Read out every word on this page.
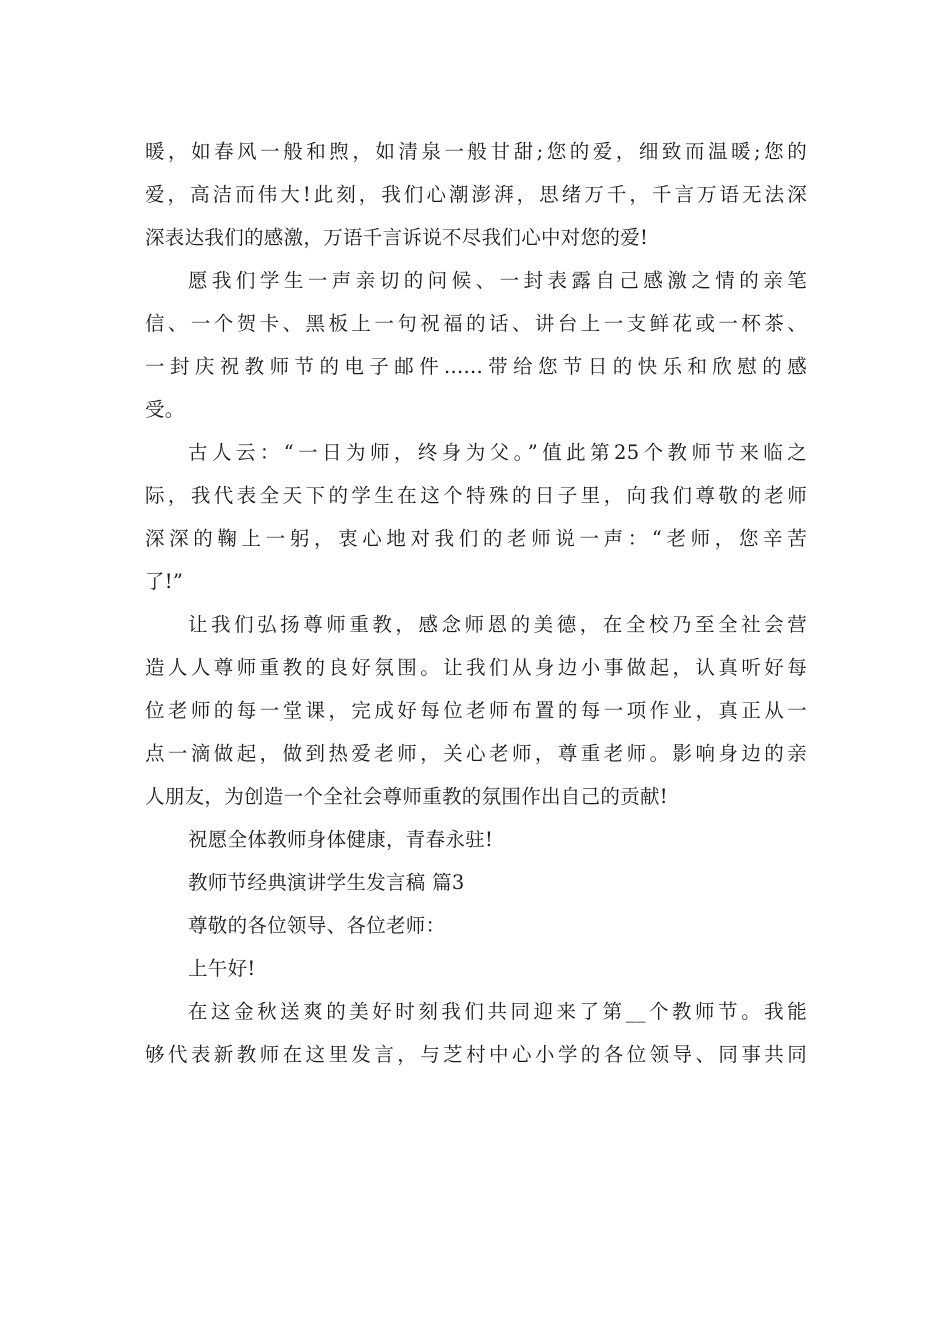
暖，如春风一般和煦，如清泉一般甘甜;您的爱，细致而温暖;您的
爱，高洁而伟大!此刻，我们心潮澎湃，思绪万千，千言万语无法深
深表达我们的感激，万语千言诉说不尽我们心中对您的爱!
愿我们学生一声亲切的问候、一封表露自己感激之情的亲笔
信、一个贺卡、黑板上一句祝福的话、讲台上一支鲜花或一杯茶、
一封庆祝教师节的电子邮件......带给您节日的快乐和欣慰的感
受。
古人云：“一日为师，终身为父。”值此第25个教师节来临之
际，我代表全天下的学生在这个特殊的日子里，向我们尊敬的老师
深深的鞠上一躬，衷心地对我们的老师说一声：“老师，您辛苦
了!”
让我们弘扬尊师重教，感念师恩的美德，在全校乃至全社会营
造人人尊师重教的良好氛围。让我们从身边小事做起，认真听好每
位老师的每一堂课，完成好每位老师布置的每一项作业，真正从一
点一滴做起，做到热爱老师，关心老师，尊重老师。影响身边的亲
人朋友，为创造一个全社会尊师重教的氛围作出自己的贡献!

祝愿全体教师身体健康，青春永驻!

教师节经典演讲学生发言稿 篇3

尊敬的各位领导、各位老师：

上午好!

在这金秋送爽的美好时刻我们共同迎来了第__个教师节。我能
够代表新教师在这里发言，与芝村中心小学的各位领导、同事共同
